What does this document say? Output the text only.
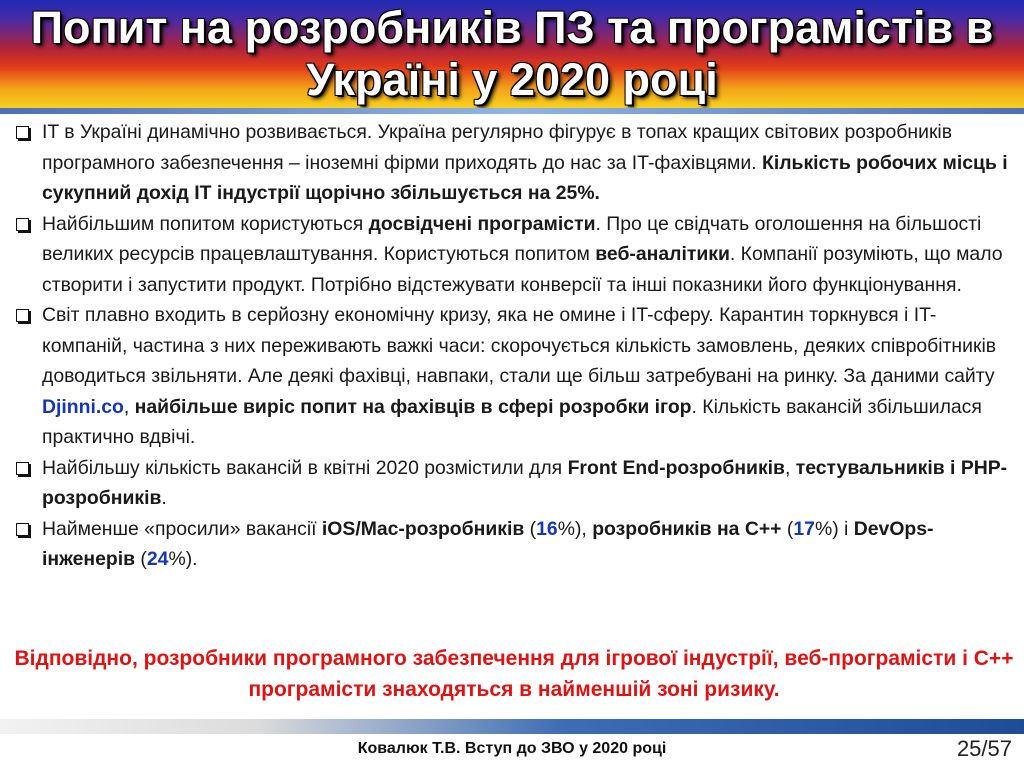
Попит на розробників ПЗ та програмістів в
Україні у 2020 році
IT в Україні динамічно розвивається. Україна регулярно фігурує в топах кращих світових розробників програмного забезпечення – іноземні фірми приходять до нас за IT-фахівцями. Кількість робочих місць і сукупний дохід IT індустрії щорічно збільшується на 25%.
Найбільшим попитом користуються досвідчені програмісти. Про це свідчать оголошення на більшості великих ресурсів працевлаштування. Користуються попитом веб-аналітики. Компанії розуміють, що мало створити і запустити продукт. Потрібно відстежувати конверсії та інші показники його функціонування.
Світ плавно входить в серйозну економічну кризу, яка не омине і IT-сферу. Карантин торкнувся і IT-компаній, частина з них переживають важкі часи: скорочується кількість замовлень, деяких співробітників доводиться звільняти. Але деякі фахівці, навпаки, стали ще більш затребувані на ринку. За даними сайту Djinni.co, найбільше виріс попит на фахівців в сфері розробки ігор. Кількість вакансій збільшилася практично вдвічі.
Найбільшу кількість вакансій в квітні 2020 розмістили для Front End-розробників, тестувальників і PHP-розробників.
Найменше «просили» вакансії iOS/Mac-розробників (16%), розробників на С++ (17%) і DevOps-інженерів (24%).
Відповідно, розробники програмного забезпечення для ігрової індустрії, веб-програмісти і С++ програмісти знаходяться в найменшій зоні ризику.
Ковалюк Т.В. Вступ до ЗВО у 2020 році	25/57
